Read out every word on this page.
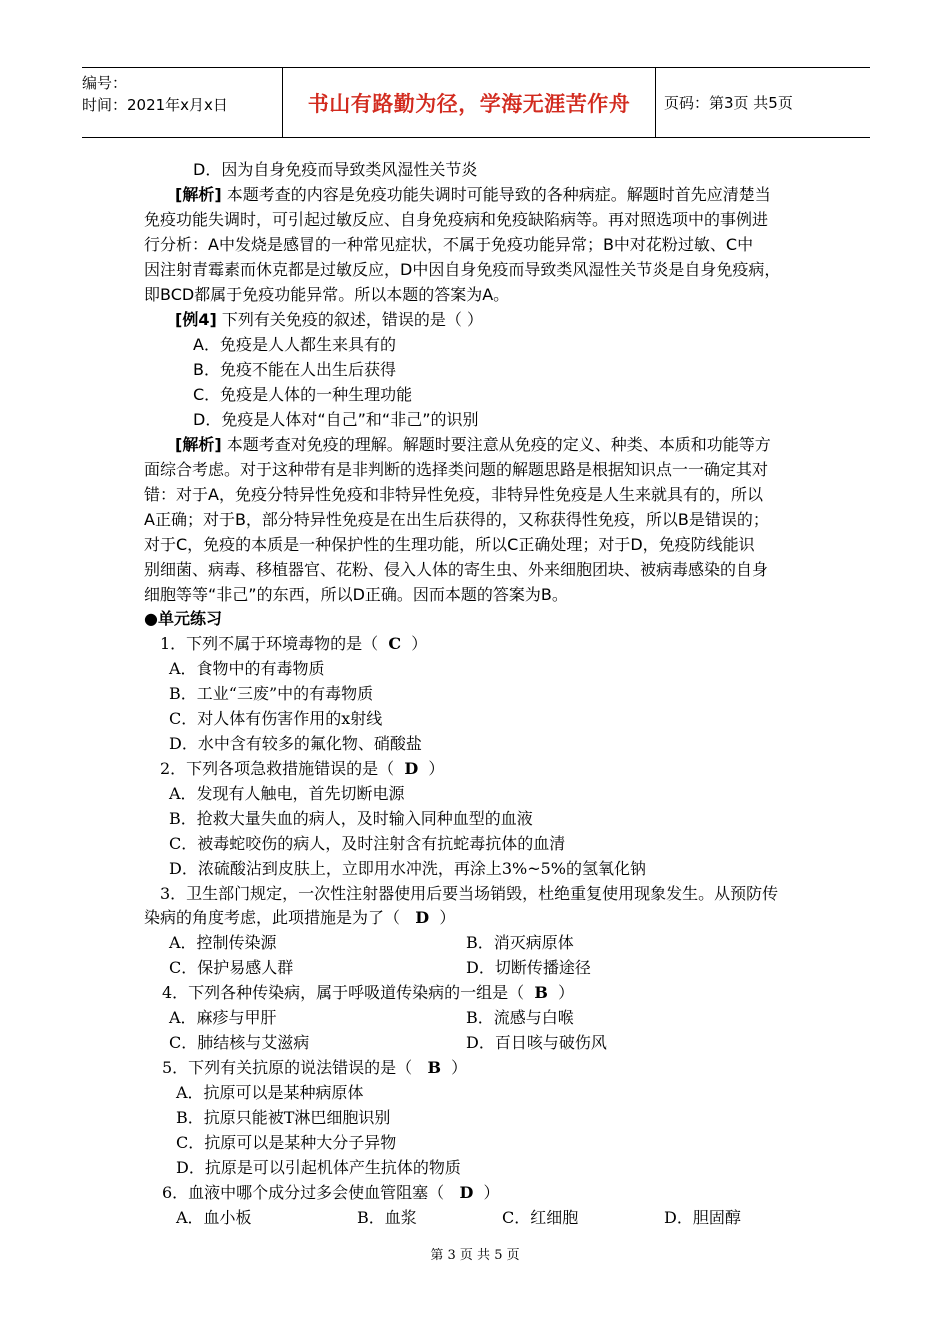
编号：
时间：2021年x月x日	书山有路勤为径，学海无涯苦作舟 页码：第3页 共5页
D．因为自身免疫而导致类风湿性关节炎
[解析] 本题考查的内容是免疫功能失调时可能导致的各种病症。解题时首先应清楚当
免疫功能失调时，可引起过敏反应、自身免疫病和免疫缺陷病等。再对照选项中的事例进
行分析：A中发烧是感冒的一种常见症状，不属于免疫功能异常；B中对花粉过敏、C中
因注射青霉素而休克都是过敏反应，D中因自身免疫而导致类风湿性关节炎是自身免疫病，
即BCD都属于免疫功能异常。所以本题的答案为A。
[例4] 下列有关免疫的叙述，错误的是（ ）
A．免疫是人人都生来具有的
B．免疫不能在人出生后获得
C．免疫是人体的一种生理功能
D．免疫是人体对“自己”和“非己”的识别
[解析] 本题考查对免疫的理解。解题时要注意从免疫的定义、种类、本质和功能等方
面综合考虑。对于这种带有是非判断的选择类问题的解题思路是根据知识点一一确定其对
错：对于A，免疫分特异性免疫和非特异性免疫，非特异性免疫是人生来就具有的，所以
A正确；对于B，部分特异性免疫是在出生后获得的，又称获得性免疫，所以B是错误的；
对于C，免疫的本质是一种保护性的生理功能，所以C正确处理；对于D，免疫防线能识
别细菌、病毒、移植器官、花粉、侵入人体的寄生虫、外来细胞团块、被病毒感染的自身
细胞等等“非己”的东西，所以D正确。因而本题的答案为B。
●单元练习
1．下列不属于环境毒物的是（ C ）
A．食物中的有毒物质
B．工业“三废”中的有毒物质
C．对人体有伤害作用的x射线
D．水中含有较多的氟化物、硝酸盐
2．下列各项急救措施错误的是（ D ）
A．发现有人触电，首先切断电源
B．抢救大量失血的病人，及时输入同种血型的血液
C．被毒蛇咬伤的病人，及时注射含有抗蛇毒抗体的血清
D．浓硫酸沾到皮肤上，立即用水冲洗，再涂上3%~5%的氢氧化钠
3．卫生部门规定，一次性注射器使用后要当场销毁，杜绝重复使用现象发生。从预防传
染病的角度考虑，此项措施是为了（ D ）
A．控制传染源	B．消灭病原体
C．保护易感人群	D．切断传播途径
4．下列各种传染病，属于呼吸道传染病的一组是（ B ）
A．麻疹与甲肝	B．流感与白喉
C．肺结核与艾滋病	D．百日咳与破伤风
5．下列有关抗原的说法错误的是（ B ）
A．抗原可以是某种病原体
B．抗原只能被T淋巴细胞识别
C．抗原可以是某种大分子异物
D．抗原是可以引起机体产生抗体的物质
6．血液中哪个成分过多会使血管阻塞（ D ）
A．血小板	B．血浆	C．红细胞	D．胆固醇
第 3 页 共 5 页
